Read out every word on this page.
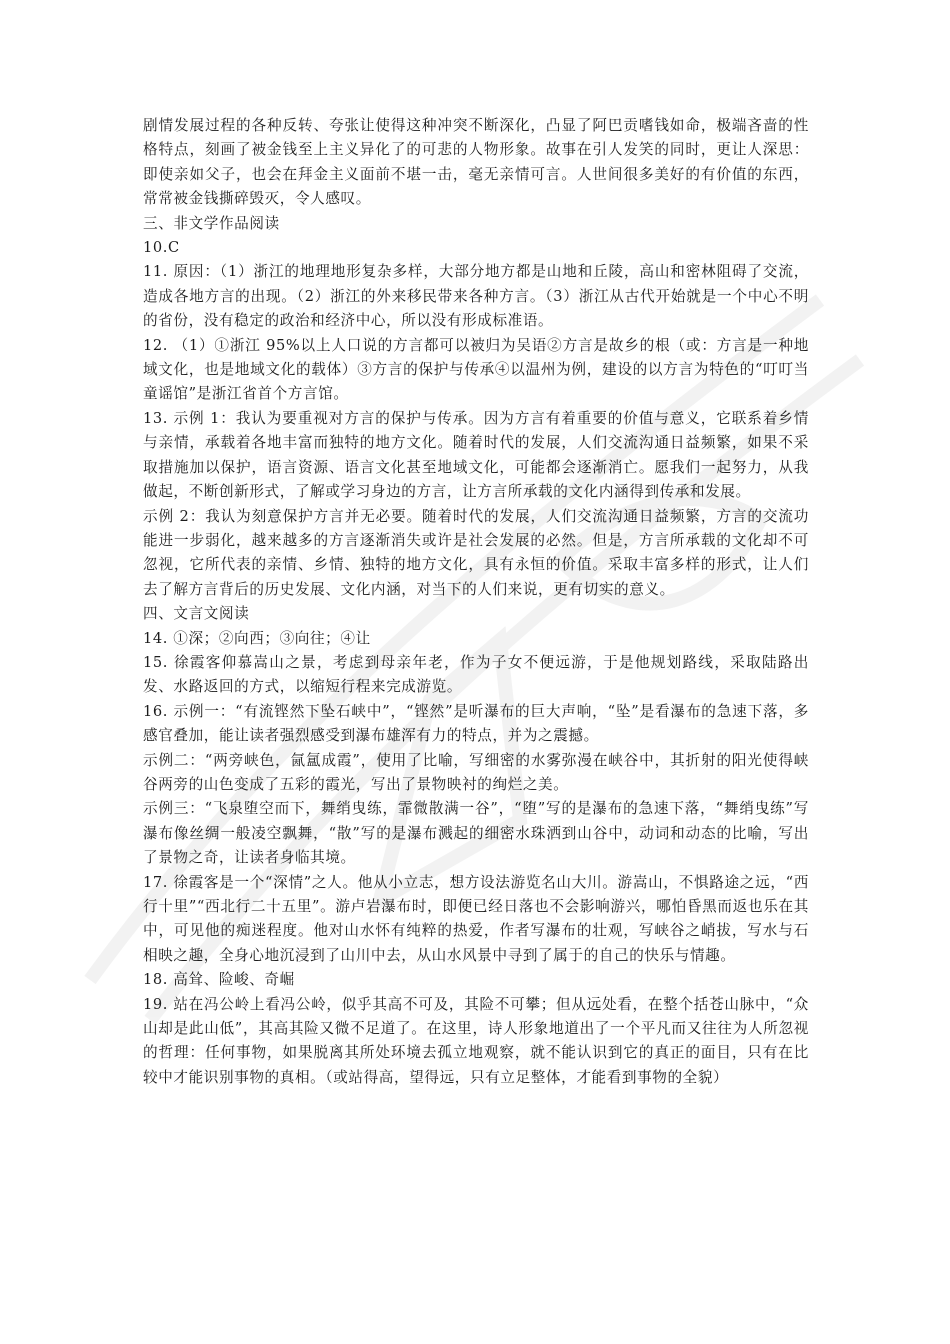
剧情发展过程的各种反转、夸张让使得这种冲突不断深化，凸显了阿巴贡嗜钱如命，极端吝啬的性格特点，刻画了被金钱至上主义异化了的可悲的人物形象。故事在引人发笑的同时，更让人深思：即使亲如父子，也会在拜金主义面前不堪一击，毫无亲情可言。人世间很多美好的有价值的东西，常常被金钱撕碎毁灭，令人感叹。

三、非文学作品阅读

10.C

11. 原因：（1）浙江的地理地形复杂多样，大部分地方都是山地和丘陵，高山和密林阻碍了交流，造成各地方言的出现。（2）浙江的外来移民带来各种方言。（3）浙江从古代开始就是一个中心不明的省份，没有稳定的政治和经济中心，所以没有形成标准语。

12. （1）①浙江 95%以上人口说的方言都可以被归为吴语②方言是故乡的根（或：方言是一种地域文化，也是地域文化的载体）③方言的保护与传承④以温州为例，建设的以方言为特色的“叮叮当童谣馆”是浙江省首个方言馆。

13. 示例 1：我认为要重视对方言的保护与传承。因为方言有着重要的价值与意义，它联系着乡情与亲情，承载着各地丰富而独特的地方文化。随着时代的发展，人们交流沟通日益频繁，如果不采取措施加以保护，语言资源、语言文化甚至地域文化，可能都会逐渐消亡。愿我们一起努力，从我做起，不断创新形式，了解或学习身边的方言，让方言所承载的文化内涵得到传承和发展。

示例 2：我认为刻意保护方言并无必要。随着时代的发展，人们交流沟通日益频繁，方言的交流功能进一步弱化，越来越多的方言逐渐消失或许是社会发展的必然。但是，方言所承载的文化却不可忽视，它所代表的亲情、乡情、独特的地方文化，具有永恒的价值。采取丰富多样的形式，让人们去了解方言背后的历史发展、文化内涵，对当下的人们来说，更有切实的意义。

四、文言文阅读

14. ①深；②向西；③向往；④让

15. 徐霞客仰慕嵩山之景，考虑到母亲年老，作为子女不便远游，于是他规划路线，采取陆路出发、水路返回的方式，以缩短行程来完成游览。

16. 示例一：“有流铿然下坠石峡中”，“铿然”是听瀑布的巨大声响，“坠”是看瀑布的急速下落，多感官叠加，能让读者强烈感受到瀑布雄浑有力的特点，并为之震撼。

示例二：“两旁峡色，氤氲成霞”，使用了比喻，写细密的水雾弥漫在峡谷中，其折射的阳光使得峡谷两旁的山色变成了五彩的霞光，写出了景物映衬的绚烂之美。

示例三：“飞泉堕空而下，舞绡曳练，霏微散满一谷”，“堕”写的是瀑布的急速下落，“舞绡曳练”写瀑布像丝绸一般凌空飘舞，“散”写的是瀑布溅起的细密水珠洒到山谷中，动词和动态的比喻，写出了景物之奇，让读者身临其境。

17. 徐霞客是一个“深情”之人。他从小立志，想方设法游览名山大川。游嵩山，不惧路途之远，“西行十里”“西北行二十五里”。游卢岩瀑布时，即便已经日落也不会影响游兴，哪怕昏黑而返也乐在其中，可见他的痴迷程度。他对山水怀有纯粹的热爱，作者写瀑布的壮观，写峡谷之峭拔，写水与石相映之趣，全身心地沉浸到了山川中去，从山水风景中寻到了属于的自己的快乐与情趣。

18. 高耸、险峻、奇崛

19. 站在冯公岭上看冯公岭，似乎其高不可及，其险不可攀；但从远处看，在整个括苍山脉中，“众山却是此山低”，其高其险又微不足道了。在这里，诗人形象地道出了一个平凡而又往往为人所忽视的哲理：任何事物，如果脱离其所处环境去孤立地观察，就不能认识到它的真正的面目，只有在比较中才能识别事物的真相。（或站得高，望得远，只有立足整体，才能看到事物的全貌）
